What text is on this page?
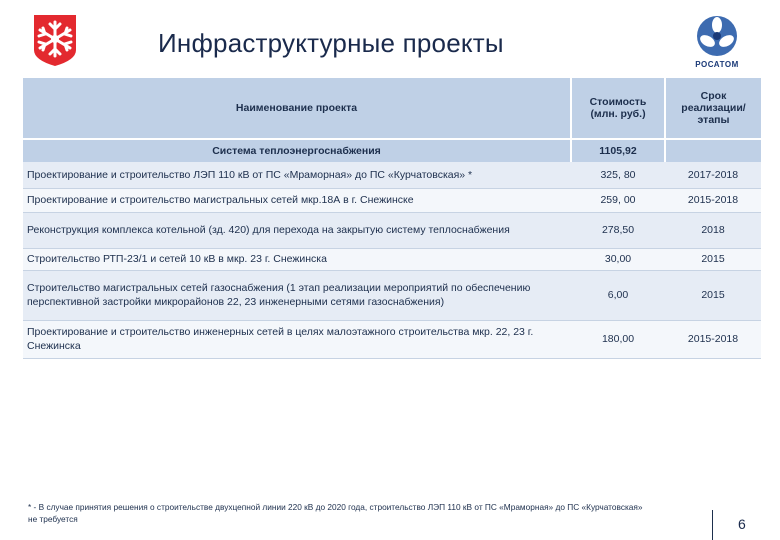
РОСАТОМ
Инфраструктурные проекты
Наименование проекта	Стоимость (млн. руб.)	Срок реализации/ этапы
Система теплоэнергоснабжения	1105,92	
Проектирование и строительство ЛЭП 110 кВ от ПС «Мраморная» до ПС «Курчатовская» *	325, 80	2017-2018
Проектирование и строительство магистральных сетей мкр.18А в г. Снежинске	259, 00	2015-2018
Реконструкция комплекса котельной (зд. 420) для перехода на закрытую систему теплоснабжения	278,50	2018
Строительство РТП-23/1 и сетей 10 кВ в мкр. 23 г. Снежинска	30,00	2015
Строительство магистральных сетей газоснабжения (1 этап реализации мероприятий по обеспечению перспективной застройки микрорайонов 22, 23 инженерными сетями газоснабжения)	6,00	2015
Проектирование и строительство инженерных сетей в целях малоэтажного строительства мкр. 22, 23 г. Снежинска	180,00	2015-2018
* - В случае принятия решения о строительстве двухцепной линии 220 кВ до 2020 года, строительство ЛЭП 110 кВ от ПС «Мраморная» до ПС «Курчатовская» не требуется	6
